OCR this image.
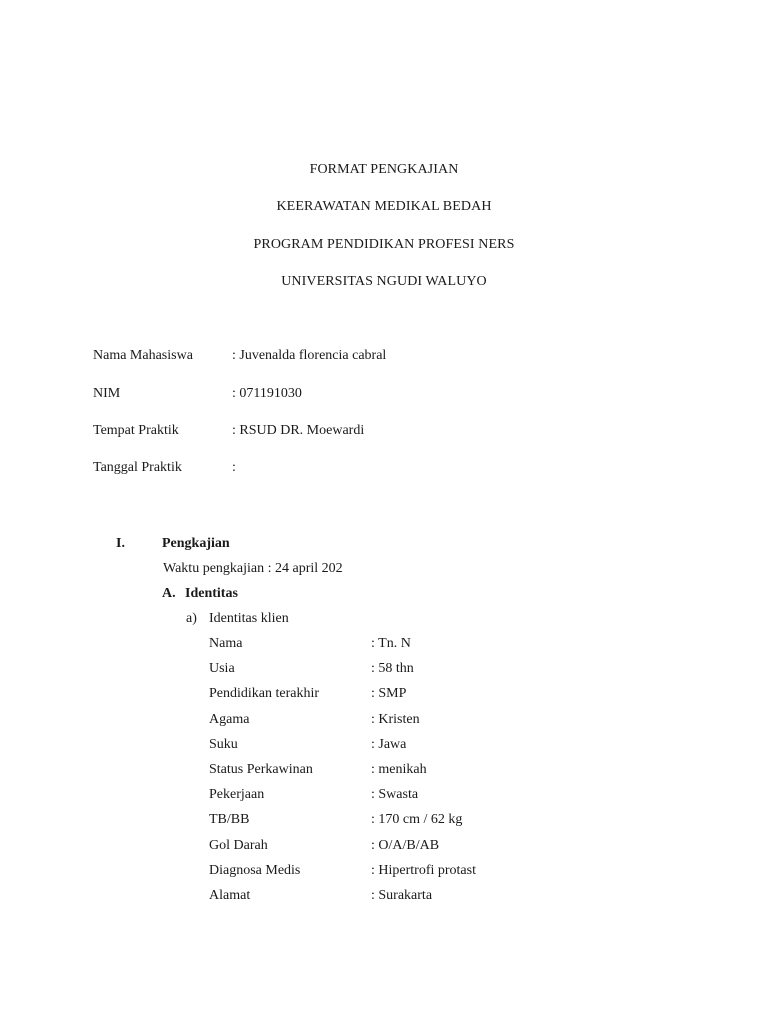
FORMAT PENGKAJIAN
KEERAWATAN MEDIKAL BEDAH
PROGRAM PENDIDIKAN PROFESI NERS
UNIVERSITAS NGUDI WALUYO
Nama Mahasiswa	: Juvenalda florencia cabral
NIM	: 071191030
Tempat Praktik	: RSUD DR. Moewardi
Tanggal Praktik	:
I.	Pengkajian
Waktu pengkajian : 24 april 202
A. Identitas
a) Identitas klien
Nama	: Tn. N
Usia	: 58 thn
Pendidikan terakhir	: SMP
Agama	: Kristen
Suku	: Jawa
Status Perkawinan	: menikah
Pekerjaan	: Swasta
TB/BB	: 170 cm / 62 kg
Gol Darah	: O/A/B/AB
Diagnosa Medis	: Hipertrofi protast
Alamat	: Surakarta
